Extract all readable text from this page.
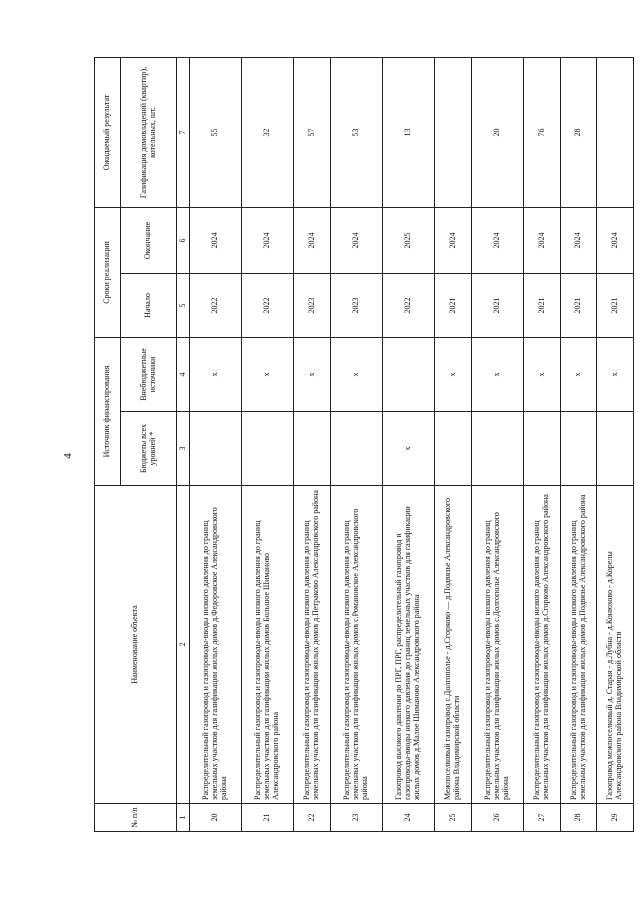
4
№ п/п	Наименование объекта	Источник финансирования		Сроки реализации		Ожидаемый результат
		Бюджеты всех уровней *	Внебюджетные источники	Начало	Окончание	Газификация домовладений (квартир), котельных, шт.
1	2	3	4	5	6	7
20	Распределительный газопровод и газопроводы-вводы низкого давления до границ земельных участков для газификации жилых домов д.Федоровское Александровского района		x	2022	2024	55
21	Распределительный газопровод и газопроводы-вводы низкого давления до границ земельных участков для газификации жилых домов Большое Шиманово Александровского района		x	2022	2024	32
22	Распределительный газопровод и газопроводы-вводы низкого давления до границ земельных участков для газификации жилых домов д.Петраково Александровского района		x	2023	2024	57
23	Распределительный газопровод и газопроводы-вводы низкого давления до границ земельных участков для газификации жилых домов с.Романовское Александровского района		x	2023	2024	53
24	Газопровод высокого давления до ПРГ, ПРГ, распределительный газопровод и газопроводы-вводы низкого давления до границ земельных участков для газификации жилых домов д.Малое Шиманово Александровского района	x		2022	2025	13
25	Межпоселковый газопровод с.Долгополье - д.Сгорково — д.Подвязье Александровского района Владимирской области		x	2021	2024	
26	Распределительный газопровод и газопроводы-вводы низкого давления до границ земельных участков для газификации жилых домов с.Долгополье Александровского района		x	2021	2024	20
27	Распределительный газопровод и газопроводы-вводы низкого давления до границ земельных участков для газификации жилых домов д.Сгорково Александровского района		x	2021	2024	76
28	Распределительный газопровод и газопроводы-вводы низкого давления до границ земельных участков для газификации жилых домов д.Подвязье Александровского района		x	2021	2024	28
29	Газопровод межпоселковый д. Старая - д.Лубна - д.Конюхово - д.Корелы Александровского района Владимирской области		x	2021	2024	
